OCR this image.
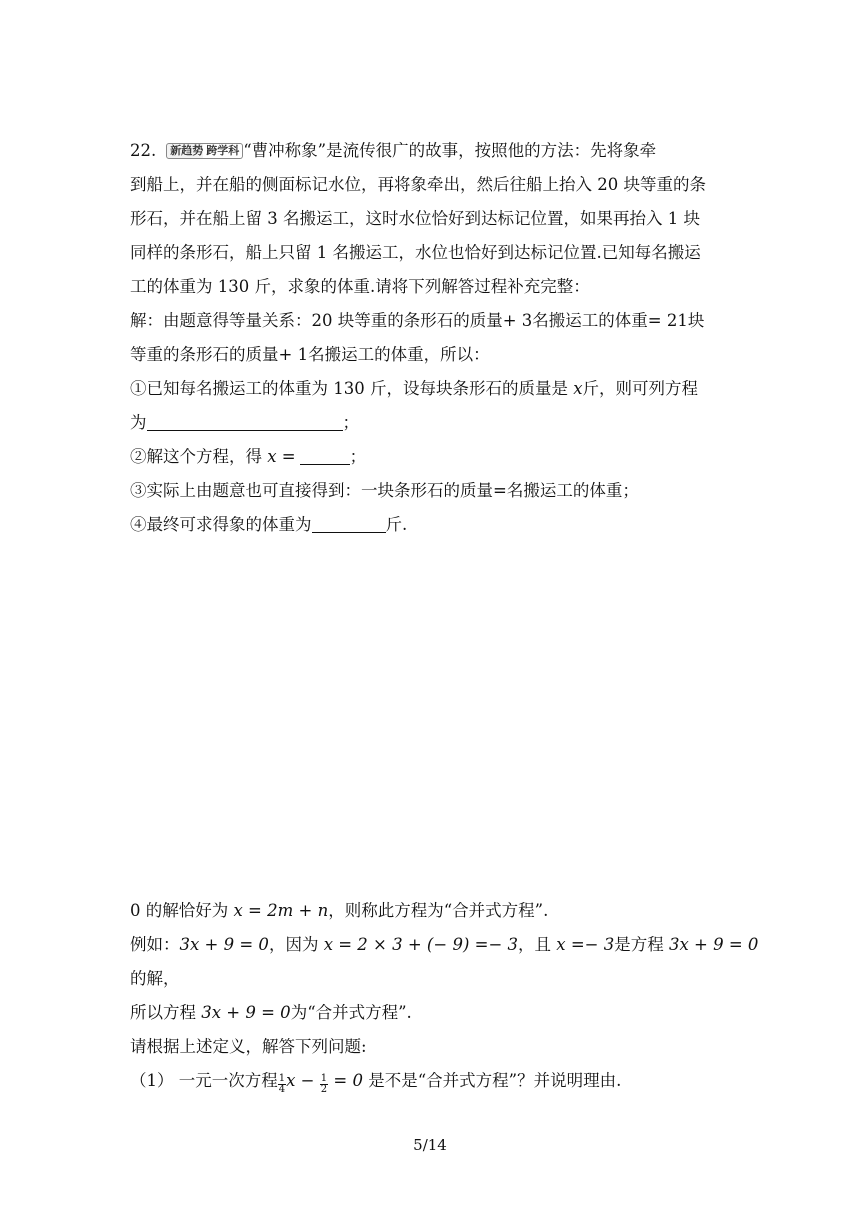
22. 新趋势 跨学科 “曹冲称象”是流传很广的故事，按照他的方法：先将象牵
到船上，并在船的侧面标记水位，再将象牵出，然后往船上抬入 20 块等重的条
形石，并在船上留 3 名搬运工，这时水位恰好到达标记位置，如果再抬入 1 块
同样的条形石，船上只留 1 名搬运工，水位也恰好到达标记位置.已知每名搬运
工的体重为 130 斤，求象的体重.请将下列解答过程补充完整：
解：由题意得等量关系：20 块等重的条形石的质量+ 3名搬运工的体重= 21块
等重的条形石的质量+ 1名搬运工的体重，所以：
①已知每名搬运工的体重为 130 斤，设每块条形石的质量是 x斤，则可列方程
为	；
②解这个方程，得 x =	；
③实际上由题意也可直接得到：一块条形石的质量=名搬运工的体重；
④最终可求得象的体重为	斤.
0 的解恰好为 x = 2m + n，则称此方程为“合并式方程”.
例如：3x + 9 = 0，因为 x = 2 × 3 + (− 9) =− 3，且 x =− 3是方程 3x + 9 = 0
的解，
所以方程 3x + 9 = 0为“合并式方程”.
请根据上述定义，解答下列问题:
（1） 一元一次方程 $\frac{1}{4}$ $x - \frac{1}{2} = 0$ 是不是“合并式方程”？并说明理由.
5/14
